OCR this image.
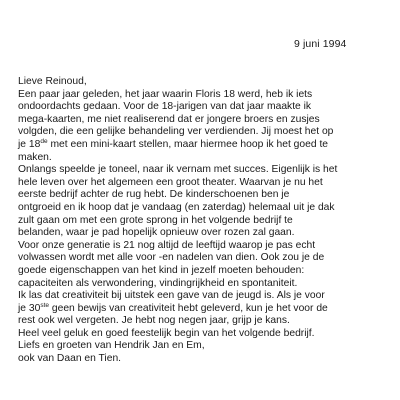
9 juni 1994
Lieve Reinoud,
Een paar jaar geleden, het jaar waarin Floris 18 werd, heb ik iets
ondoordachts gedaan. Voor de 18-jarigen van dat jaar maakte ik
mega-kaarten, me niet realiserend dat er jongere broers en zusjes
volgden, die een gelijke behandeling ver verdienden. Jij moest het op
je 18de met een mini-kaart stellen, maar hiermee hoop ik het goed te
maken.
Onlangs speelde je toneel, naar ik vernam met succes. Eigenlijk is het
hele leven over het algemeen een groot theater. Waarvan je nu het
eerste bedrijf achter de rug hebt. De kinderschoenen ben je
ontgroeid en ik hoop dat je vandaag (en zaterdag) helemaal uit je dak
zult gaan om met een grote sprong in het volgende bedrijf te
belanden, waar je pad hopelijk opnieuw over rozen zal gaan.
Voor onze generatie is 21 nog altijd de leeftijd waarop je pas echt
volwassen wordt met alle voor -en nadelen van dien. Ook zou je de
goede eigenschappen van het kind in jezelf moeten behouden:
capaciteiten als verwondering, vindingrijkheid en spontaniteit.
Ik las dat creativiteit bij uitstek een gave van de jeugd is. Als je voor
je 30ste geen bewijs van creativiteit hebt geleverd, kun je het voor de
rest ook wel vergeten. Je hebt nog negen jaar, grijp je kans.
Heel veel geluk en goed feestelijk begin van het volgende bedrijf.
Liefs en groeten van Hendrik Jan en Em,
ook van Daan en Tien.
